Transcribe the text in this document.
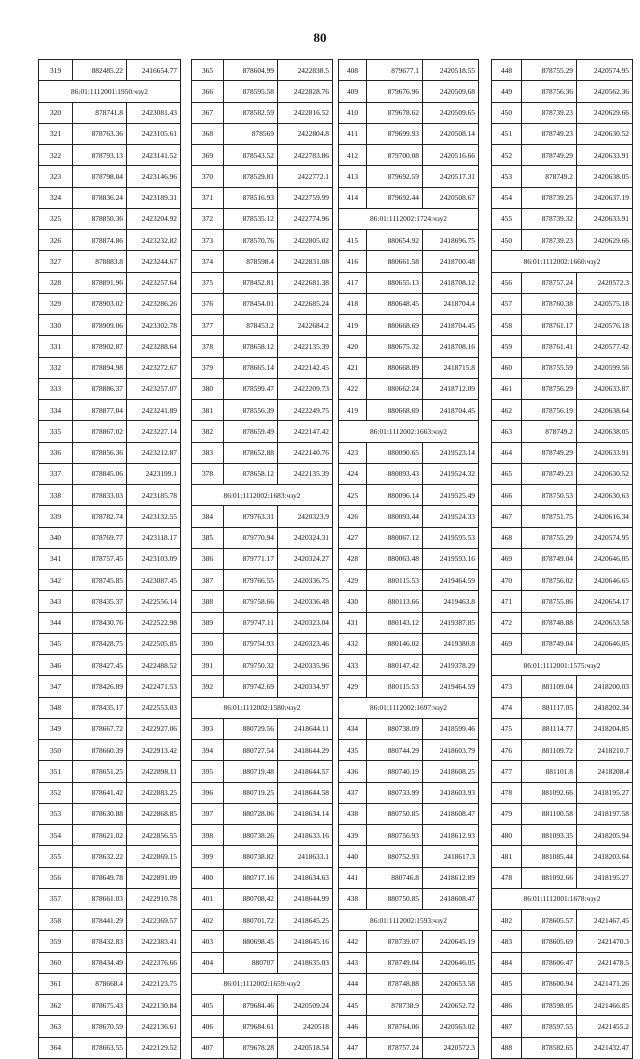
80
319	882485.22	2416654.77
86:01:1112001:1950:чзу2		
320	878741.8	2423081.43
321	878763.36	2423105.61
322	878793.13	2423141.52
323	878798.04	2423146.96
324	878836.24	2423189.31
325	878850.36	2423204.92
326	878874.86	2423232.82
327	878883.8	2423244.67
328	878891.96	2423257.64
329	878903.02	2423286.26
330	878909.06	2423302.78
331	878902.87	2423288.64
332	878894.98	2423272.67
333	878886.37	2423257.07
334	878877.04	2423241.89
335	878867.02	2423227.14
336	878856.36	2423212.87
337	878845.06	2423199.1
338	878833.03	2423185.78
339	878782.74	2423132.55
340	878769.77	2423118.17
341	878757.45	2423103.09
342	878745.85	2423087.45
343	878435.37	2422556.14
344	878430.76	2422522.98
345	878428.75	2422505.85
346	878427.45	2422488.52
347	878426.89	2422471.53
348	878435.17	2422553.03
349	878667.72	2422927.06
350	878660.39	2422913.42
351	878651.25	2422898.11
352	878641.42	2422883.25
353	878630.88	2422868.85
354	878621.02	2422856.55
355	878632.22	2422869.15
356	878649.78	2422891.09
357	878661.03	2422910.78
358	878441.29	2422369.57
359	878432.83	2422383.41
360	878434.49	2422376.66
361	878668.4	2422123.75
362	878675.43	2422130.84
363	878670.59	2422136.61
364	878663.55	2422129.52
365	878604.99	2422838.5
366	878595.58	2422828.76
367	878582.59	2422816.52
368	878569	2422804.8
369	878543.52	2422783.86
370	878529.81	2422772.1
371	878516.93	2422759.99
372	878535.12	2422774.96
373	878570.76	2422805.02
374	878598.4	2422831.08
375	878452.81	2422681.38
376	878454.01	2422685.24
377	878453.2	2422684.2
378	878658.12	2422135.39
379	878665.14	2422142.45
380	878599.47	2422209.73
381	878556.39	2422249.75
382	878659.49	2422147.42
383	878652.88	2422140.76
378	878658.12	2422135.39
86:01:1112002:1683:чзу2		
384	879763.31	2420323.9
385	879770.94	2420324.31
386	879771.17	2420324.27
387	879766.55	2420336.75
388	879758.66	2420336.48
389	879747.11	2420323.04
390	879754.93	2420323.46
391	879750.32	2420335.96
392	879742.69	2420334.97
86:01:1112002:1580:чзу2		
393	880729.56	2418644.11
394	880727.54	2418644.29
395	880719.48	2418644.57
396	880719.25	2418644.58
397	880728.06	2418634.14
398	880738.26	2418633.16
399	880738.82	2418633.1
400	880717.16	2418634.63
401	880708.42	2418644.99
402	880701.72	2418645.25
403	880698.45	2418645.16
404	880707	2418635.03
86:01:1112002:1659:чзу2		
405	879684.46	2420509.24
406	879684.61	2420518
407	879678.28	2420518.54
408	879677.1	2420518.55
409	879676.96	2420509.68
410	879678.62	2420509.65
411	879699.93	2420508.14
412	879700.08	2420516.66
413	879692.59	2420517.31
414	879692.44	2420508.67
86:01:1112002:1724:чзу2		
415	880654.92	2418696.75
416	880661.58	2418700.48
417	880655.13	2418708.12
418	880648.45	2418704.4
419	880668.69	2418704.45
420	880675.32	2418708.16
421	880668.89	2418715.8
422	880662.24	2418712.09
419	880668.69	2418704.45
86:01:1112002:1663:чзу2		
423	880090.65	2419523.14
424	880093.43	2419524.32
425	880096.14	2419525.49
426	880093.44	2419524.33
427	880067.12	2419595.53
428	880063.48	2419593.16
429	880115.53	2419464.59
430	880113.66	2419463.8
431	880143.12	2419387.85
432	880146.02	2419380.8
433	880147.42	2419378.29
429	880115.53	2419464.59
86:01:1112002:1697:чзу2		
434	880738.09	2418599.46
435	880744.29	2418603.79
436	880740.19	2418608.25
437	880733.99	2418603.93
438	880750.85	2418608.47
439	880756.93	2418612.93
440	880752.93	2418617.3
441	880746.8	2418612.89
438	880750.85	2418608.47
86:01:1112002:1593:чзу2		
442	878739.07	2420645.19
443	878749.04	2420646.05
444	878748.88	2420653.58
445	878738.9	2420652.72
446	878764.06	2420563.02
447	878757.24	2420572.3
448	878755.29	2420574.95
449	878756.36	2420562.36
450	878739.23	2420629.66
451	878749.23	2420630.52
452	878749.29	2420633.91
453	878749.2	2420638.05
454	878739.25	2420637.19
455	878739.32	2420633.91
450	878739.23	2420629.66
86:01:1112002:1660:чзу2		
456	878757.24	2420572.3
457	878760.38	2420575.18
458	878761.17	2420576.18
459	878761.41	2420577.42
460	878755.59	2420599.56
461	878756.29	2420633.87
462	878756.19	2420638.64
463	878749.2	2420638.05
464	878749.29	2420633.91
465	878749.23	2420630.52
466	878750.53	2420630.63
467	878751.75	2420616.34
468	878755.29	2420574.95
469	878749.04	2420646.05
470	878756.02	2420646.65
471	878755.86	2420654.17
472	878748.88	2420653.58
469	878749.04	2420646.05
86:01:1112001:1575:чзу2		
473	881109.04	2418200.03
474	881117.05	2418202.34
475	881114.77	2418204.85
476	881109.72	2418210.7
477	881101.8	2418208.4
478	881092.66	2418195.27
479	881100.58	2418197.58
480	881093.35	2418205.94
481	881085.44	2418203.64
478	881092.66	2418195.27
86:01:1112001:1678:чзу2		
482	878605.57	2421467.45
483	878605.69	2421470.3
484	878606.47	2421478.5
485	878600.94	2421471.26
486	878598.05	2421466.85
487	878597.55	2421455.2
488	878582.65	2421432.47
